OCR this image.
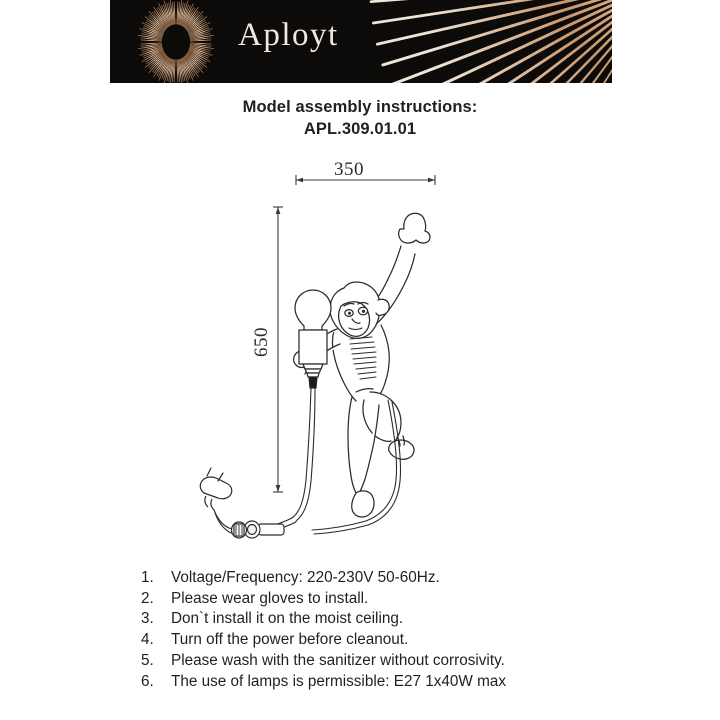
Aployt
Model assembly instructions:
APL.309.01.01
350
650
1.	Voltage/Frequency: 220-230V 50-60Hz.
2.	Please wear gloves to install.
3.	Don`t install it on the moist ceiling.
4.	Turn off the power before cleanout.
5.	Please wash with the sanitizer without corrosivity.
6.	The use of lamps is permissible: E27 1x40W max
